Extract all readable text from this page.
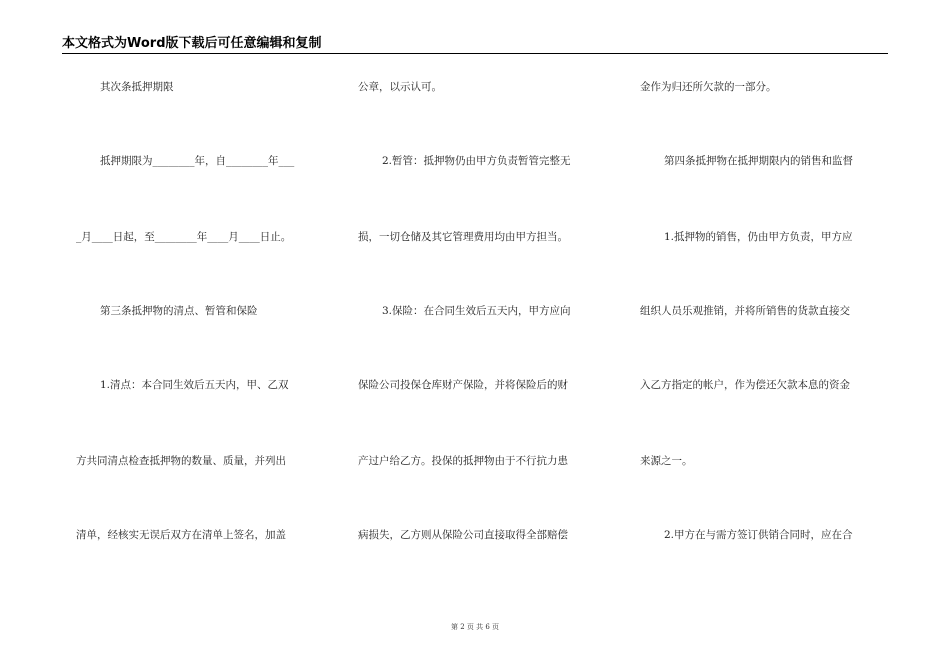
本文格式为Word版下载后可任意编辑和复制
其次条抵押期限
抵押期限为________年，自________年___
_月____日起，至________年____月____日止。
第三条抵押物的清点、暂管和保险
1.清点：本合同生效后五天内，甲、乙双
方共同清点检查抵押物的数量、质量，并列出
清单，经核实无误后双方在清单上签名，加盖
公章，以示认可。
2.暂管：抵押物仍由甲方负责暂管完整无
损，一切仓储及其它管理费用均由甲方担当。
3.保险：在合同生效后五天内，甲方应向
保险公司投保仓库财产保险，并将保险后的财
产过户给乙方。投保的抵押物由于不行抗力患
病损失，乙方则从保险公司直接取得全部赔偿
金作为归还所欠款的一部分。
第四条抵押物在抵押期限内的销售和监督
1.抵押物的销售，仍由甲方负责，甲方应
组织人员乐观推销，并将所销售的货款直接交
入乙方指定的帐户，作为偿还欠款本息的资金
来源之一。
2.甲方在与需方签订供销合同时，应在合
第 2 页 共 6 页
